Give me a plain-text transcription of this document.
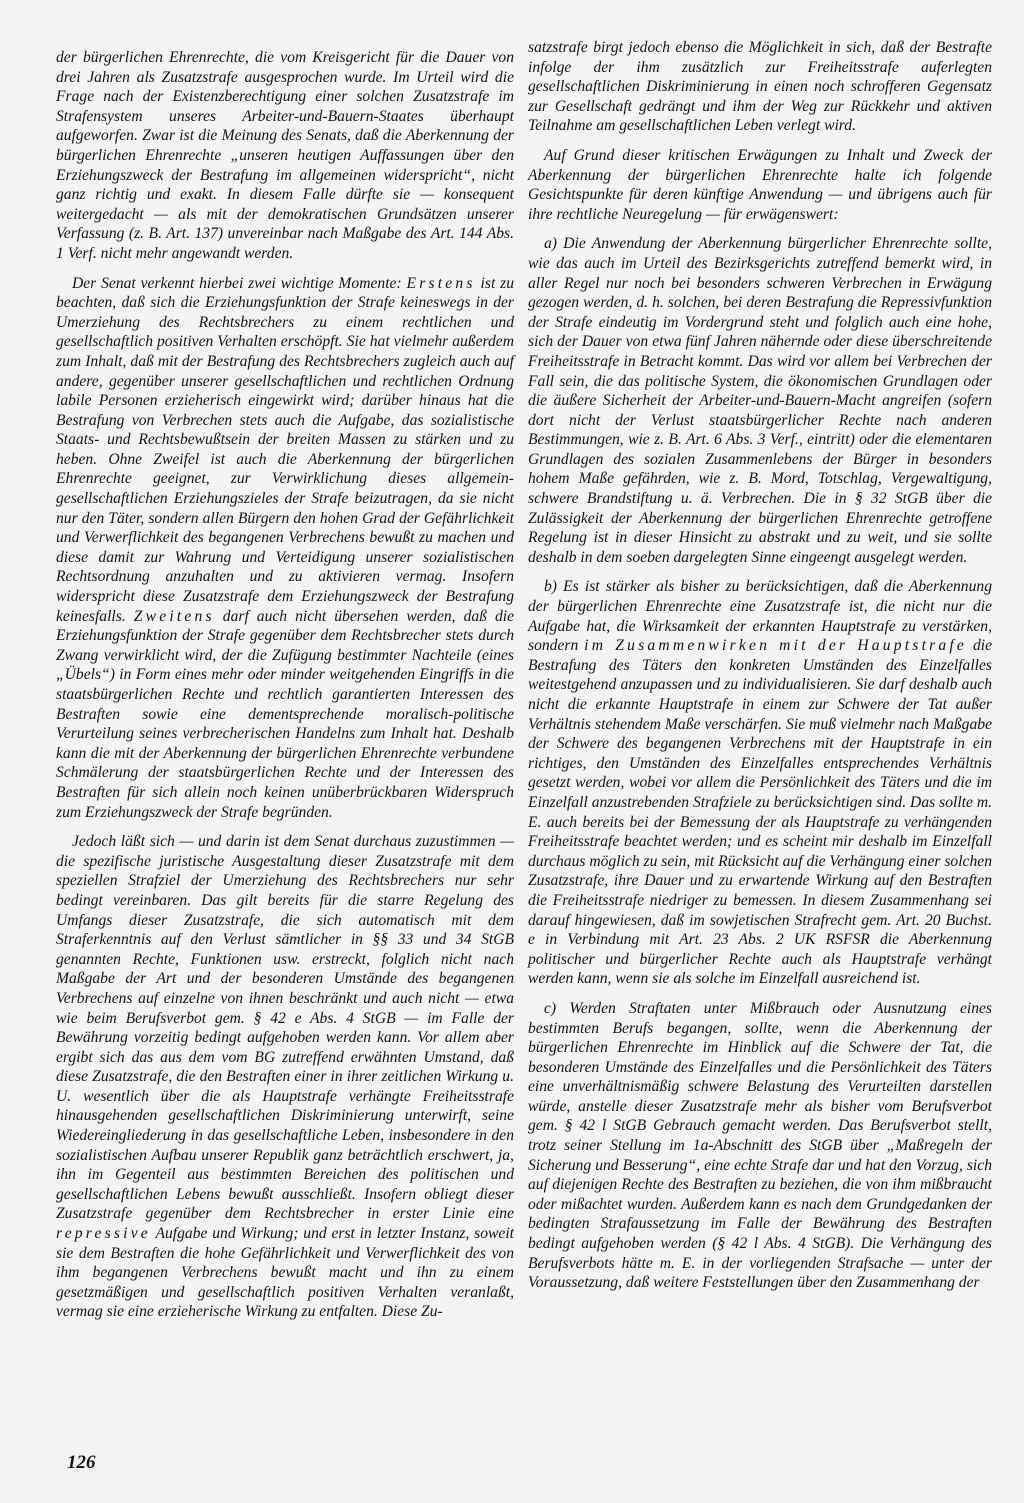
der bürgerlichen Ehrenrechte, die vom Kreisgericht für die Dauer von drei Jahren als Zusatzstrafe ausgesprochen wurde. Im Urteil wird die Frage nach der Existenzberechtigung einer solchen Zusatzstrafe im Strafensystem unseres Arbeiter-und-Bauern-Staates überhaupt aufgeworfen. Zwar ist die Meinung des Senats, daß die Aberkennung der bürgerlichen Ehrenrechte „unseren heutigen Auffassungen über den Erziehungszweck der Bestrafung im allgemeinen widerspricht“, nicht ganz richtig und exakt. In diesem Falle dürfte sie — konsequent weitergedacht — als mit der demokratischen Grundsätzen unserer Verfassung (z. B. Art. 137) unvereinbar nach Maßgabe des Art. 144 Abs. 1 Verf. nicht mehr angewandt werden.

Der Senat verkennt hierbei zwei wichtige Momente: Erstens ist zu beachten, daß sich die Erziehungsfunktion der Strafe keineswegs in der Umerziehung des Rechtsbrechers zu einem rechtlichen und gesellschaftlich positiven Verhalten erschöpft. Sie hat vielmehr außerdem zum Inhalt, daß mit der Bestrafung des Rechtsbrechers zugleich auch auf andere, gegenüber unserer gesellschaftlichen und rechtlichen Ordnung labile Personen erzieherisch eingewirkt wird; darüber hinaus hat die Bestrafung von Verbrechen stets auch die Aufgabe, das sozialistische Staats- und Rechtsbewußtsein der breiten Massen zu stärken und zu heben. Ohne Zweifel ist auch die Aberkennung der bürgerlichen Ehrenrechte geeignet, zur Verwirklichung dieses allgemein-gesellschaftlichen Erziehungszieles der Strafe beizutragen, da sie nicht nur den Täter, sondern allen Bürgern den hohen Grad der Gefährlichkeit und Verwerflichkeit des begangenen Verbrechens bewußt zu machen und diese damit zur Wahrung und Verteidigung unserer sozialistischen Rechtsordnung anzuhalten und zu aktivieren vermag. Insofern widerspricht diese Zusatzstrafe dem Erziehungszweck der Bestrafung keinesfalls. Zweitens darf auch nicht übersehen werden, daß die Erziehungsfunktion der Strafe gegenüber dem Rechtsbrecher stets durch Zwang verwirklicht wird, der die Zufügung bestimmter Nachteile (eines „Übels“) in Form eines mehr oder minder weitgehenden Eingriffs in die staatsbürgerlichen Rechte und rechtlich garantierten Interessen des Bestraften sowie eine dementsprechende moralisch-politische Verurteilung seines verbrecherischen Handelns zum Inhalt hat. Deshalb kann die mit der Aberkennung der bürgerlichen Ehrenrechte verbundene Schmälerung der staatsbürgerlichen Rechte und der Interessen des Bestraften für sich allein noch keinen unüberbrückbaren Widerspruch zum Erziehungszweck der Strafe begründen.

Jedoch läßt sich — und darin ist dem Senat durchaus zuzustimmen — die spezifische juristische Ausgestaltung dieser Zusatzstrafe mit dem speziellen Strafziel der Umerziehung des Rechtsbrechers nur sehr bedingt vereinbaren. Das gilt bereits für die starre Regelung des Umfangs dieser Zusatzstrafe, die sich automatisch mit dem Straferkenntnis auf den Verlust sämtlicher in §§ 33 und 34 StGB genannten Rechte, Funktionen usw. erstreckt, folglich nicht nach Maßgabe der Art und der besonderen Umstände des begangenen Verbrechens auf einzelne von ihnen beschränkt und auch nicht — etwa wie beim Berufsverbot gem. § 42 e Abs. 4 StGB — im Falle der Bewährung vorzeitig bedingt aufgehoben werden kann. Vor allem aber ergibt sich das aus dem vom BG zutreffend erwähnten Umstand, daß diese Zusatzstrafe, die den Bestraften einer in ihrer zeitlichen Wirkung u. U. wesentlich über die als Hauptstrafe verhängte Freiheitsstrafe hinausgehenden gesellschaftlichen Diskriminierung unterwirft, seine Wiedereingliederung in das gesellschaftliche Leben, insbesondere in den sozialistischen Aufbau unserer Republik ganz beträchtlich erschwert, ja, ihn im Gegenteil aus bestimmten Bereichen des politischen und gesellschaftlichen Lebens bewußt ausschließt. Insofern obliegt dieser Zusatzstrafe gegenüber dem Rechtsbrecher in erster Linie eine repressive Aufgabe und Wirkung; und erst in letzter Instanz, soweit sie dem Bestraften die hohe Gefährlichkeit und Verwerflichkeit des von ihm begangenen Verbrechens bewußt macht und ihn zu einem gesetzmäßigen und gesellschaftlich positiven Verhalten veranlaßt, vermag sie eine erzieherische Wirkung zu entfalten. Diese Zu-

satzstrafe birgt jedoch ebenso die Möglichkeit in sich, daß der Bestrafte infolge der ihm zusätzlich zur Freiheitsstrafe auferlegten gesellschaftlichen Diskriminierung in einen noch schrofferen Gegensatz zur Gesellschaft gedrängt und ihm der Weg zur Rückkehr und aktiven Teilnahme am gesellschaftlichen Leben verlegt wird.

Auf Grund dieser kritischen Erwägungen zu Inhalt und Zweck der Aberkennung der bürgerlichen Ehrenrechte halte ich folgende Gesichtspunkte für deren künftige Anwendung — und übrigens auch für ihre rechtliche Neuregelung — für erwägenswert:

a) Die Anwendung der Aberkennung bürgerlicher Ehrenrechte sollte, wie das auch im Urteil des Bezirksgerichts zutreffend bemerkt wird, in aller Regel nur noch bei besonders schweren Verbrechen in Erwägung gezogen werden, d. h. solchen, bei deren Bestrafung die Repressivfunktion der Strafe eindeutig im Vordergrund steht und folglich auch eine hohe, sich der Dauer von etwa fünf Jahren nähernde oder diese überschreitende Freiheitsstrafe in Betracht kommt. Das wird vor allem bei Verbrechen der Fall sein, die das politische System, die ökonomischen Grundlagen oder die äußere Sicherheit der Arbeiter-und-Bauern-Macht angreifen (sofern dort nicht der Verlust staatsbürgerlicher Rechte nach anderen Bestimmungen, wie z. B. Art. 6 Abs. 3 Verf., eintritt) oder die elementaren Grundlagen des sozialen Zusammenlebens der Bürger in besonders hohem Maße gefährden, wie z. B. Mord, Totschlag, Vergewaltigung, schwere Brandstiftung u. ä. Verbrechen. Die in § 32 StGB über die Zulässigkeit der Aberkennung der bürgerlichen Ehrenrechte getroffene Regelung ist in dieser Hinsicht zu abstrakt und zu weit, und sie sollte deshalb in dem soeben dargelegten Sinne eingeengt ausgelegt werden.

b) Es ist stärker als bisher zu berücksichtigen, daß die Aberkennung der bürgerlichen Ehrenrechte eine Zusatzstrafe ist, die nicht nur die Aufgabe hat, die Wirksamkeit der erkannten Hauptstrafe zu verstärken, sondern im Zusammenwirken mit der Hauptstrafe die Bestrafung des Täters den konkreten Umständen des Einzelfalles weitestgehend anzupassen und zu individualisieren. Sie darf deshalb auch nicht die erkannte Hauptstrafe in einem zur Schwere der Tat außer Verhältnis stehendem Maße verschärfen. Sie muß vielmehr nach Maßgabe der Schwere des begangenen Verbrechens mit der Hauptstrafe in ein richtiges, den Umständen des Einzelfalles entsprechendes Verhältnis gesetzt werden, wobei vor allem die Persönlichkeit des Täters und die im Einzelfall anzustrebenden Strafziele zu berücksichtigen sind. Das sollte m. E. auch bereits bei der Bemessung der als Hauptstrafe zu verhängenden Freiheitsstrafe beachtet werden; und es scheint mir deshalb im Einzelfall durchaus möglich zu sein, mit Rücksicht auf die Verhängung einer solchen Zusatzstrafe, ihre Dauer und zu erwartende Wirkung auf den Bestraften die Freiheitsstrafe niedriger zu bemessen. In diesem Zusammenhang sei darauf hingewiesen, daß im sowjetischen Strafrecht gem. Art. 20 Buchst. e in Verbindung mit Art. 23 Abs. 2 UK RSFSR die Aberkennung politischer und bürgerlicher Rechte auch als Hauptstrafe verhängt werden kann, wenn sie als solche im Einzelfall ausreichend ist.

c) Werden Straftaten unter Mißbrauch oder Ausnutzung eines bestimmten Berufs begangen, sollte, wenn die Aberkennung der bürgerlichen Ehrenrechte im Hinblick auf die Schwere der Tat, die besonderen Umstände des Einzelfalles und die Persönlichkeit des Täters eine unverhältnismäßig schwere Belastung des Verurteilten darstellen würde, anstelle dieser Zusatzstrafe mehr als bisher vom Berufsverbot gem. § 42 l StGB Gebrauch gemacht werden. Das Berufsverbot stellt, trotz seiner Stellung im 1a-Abschnitt des StGB über „Maßregeln der Sicherung und Besserung“, eine echte Strafe dar und hat den Vorzug, sich auf diejenigen Rechte des Bestraften zu beziehen, die von ihm mißbraucht oder mißachtet wurden. Außerdem kann es nach dem Grundgedanken der bedingten Strafaussetzung im Falle der Bewährung des Bestraften bedingt aufgehoben werden (§ 42 l Abs. 4 StGB). Die Verhängung des Berufsverbots hätte m. E. in der vorliegenden Strafsache — unter der Voraussetzung, daß weitere Feststellungen über den Zusammenhang der

126
